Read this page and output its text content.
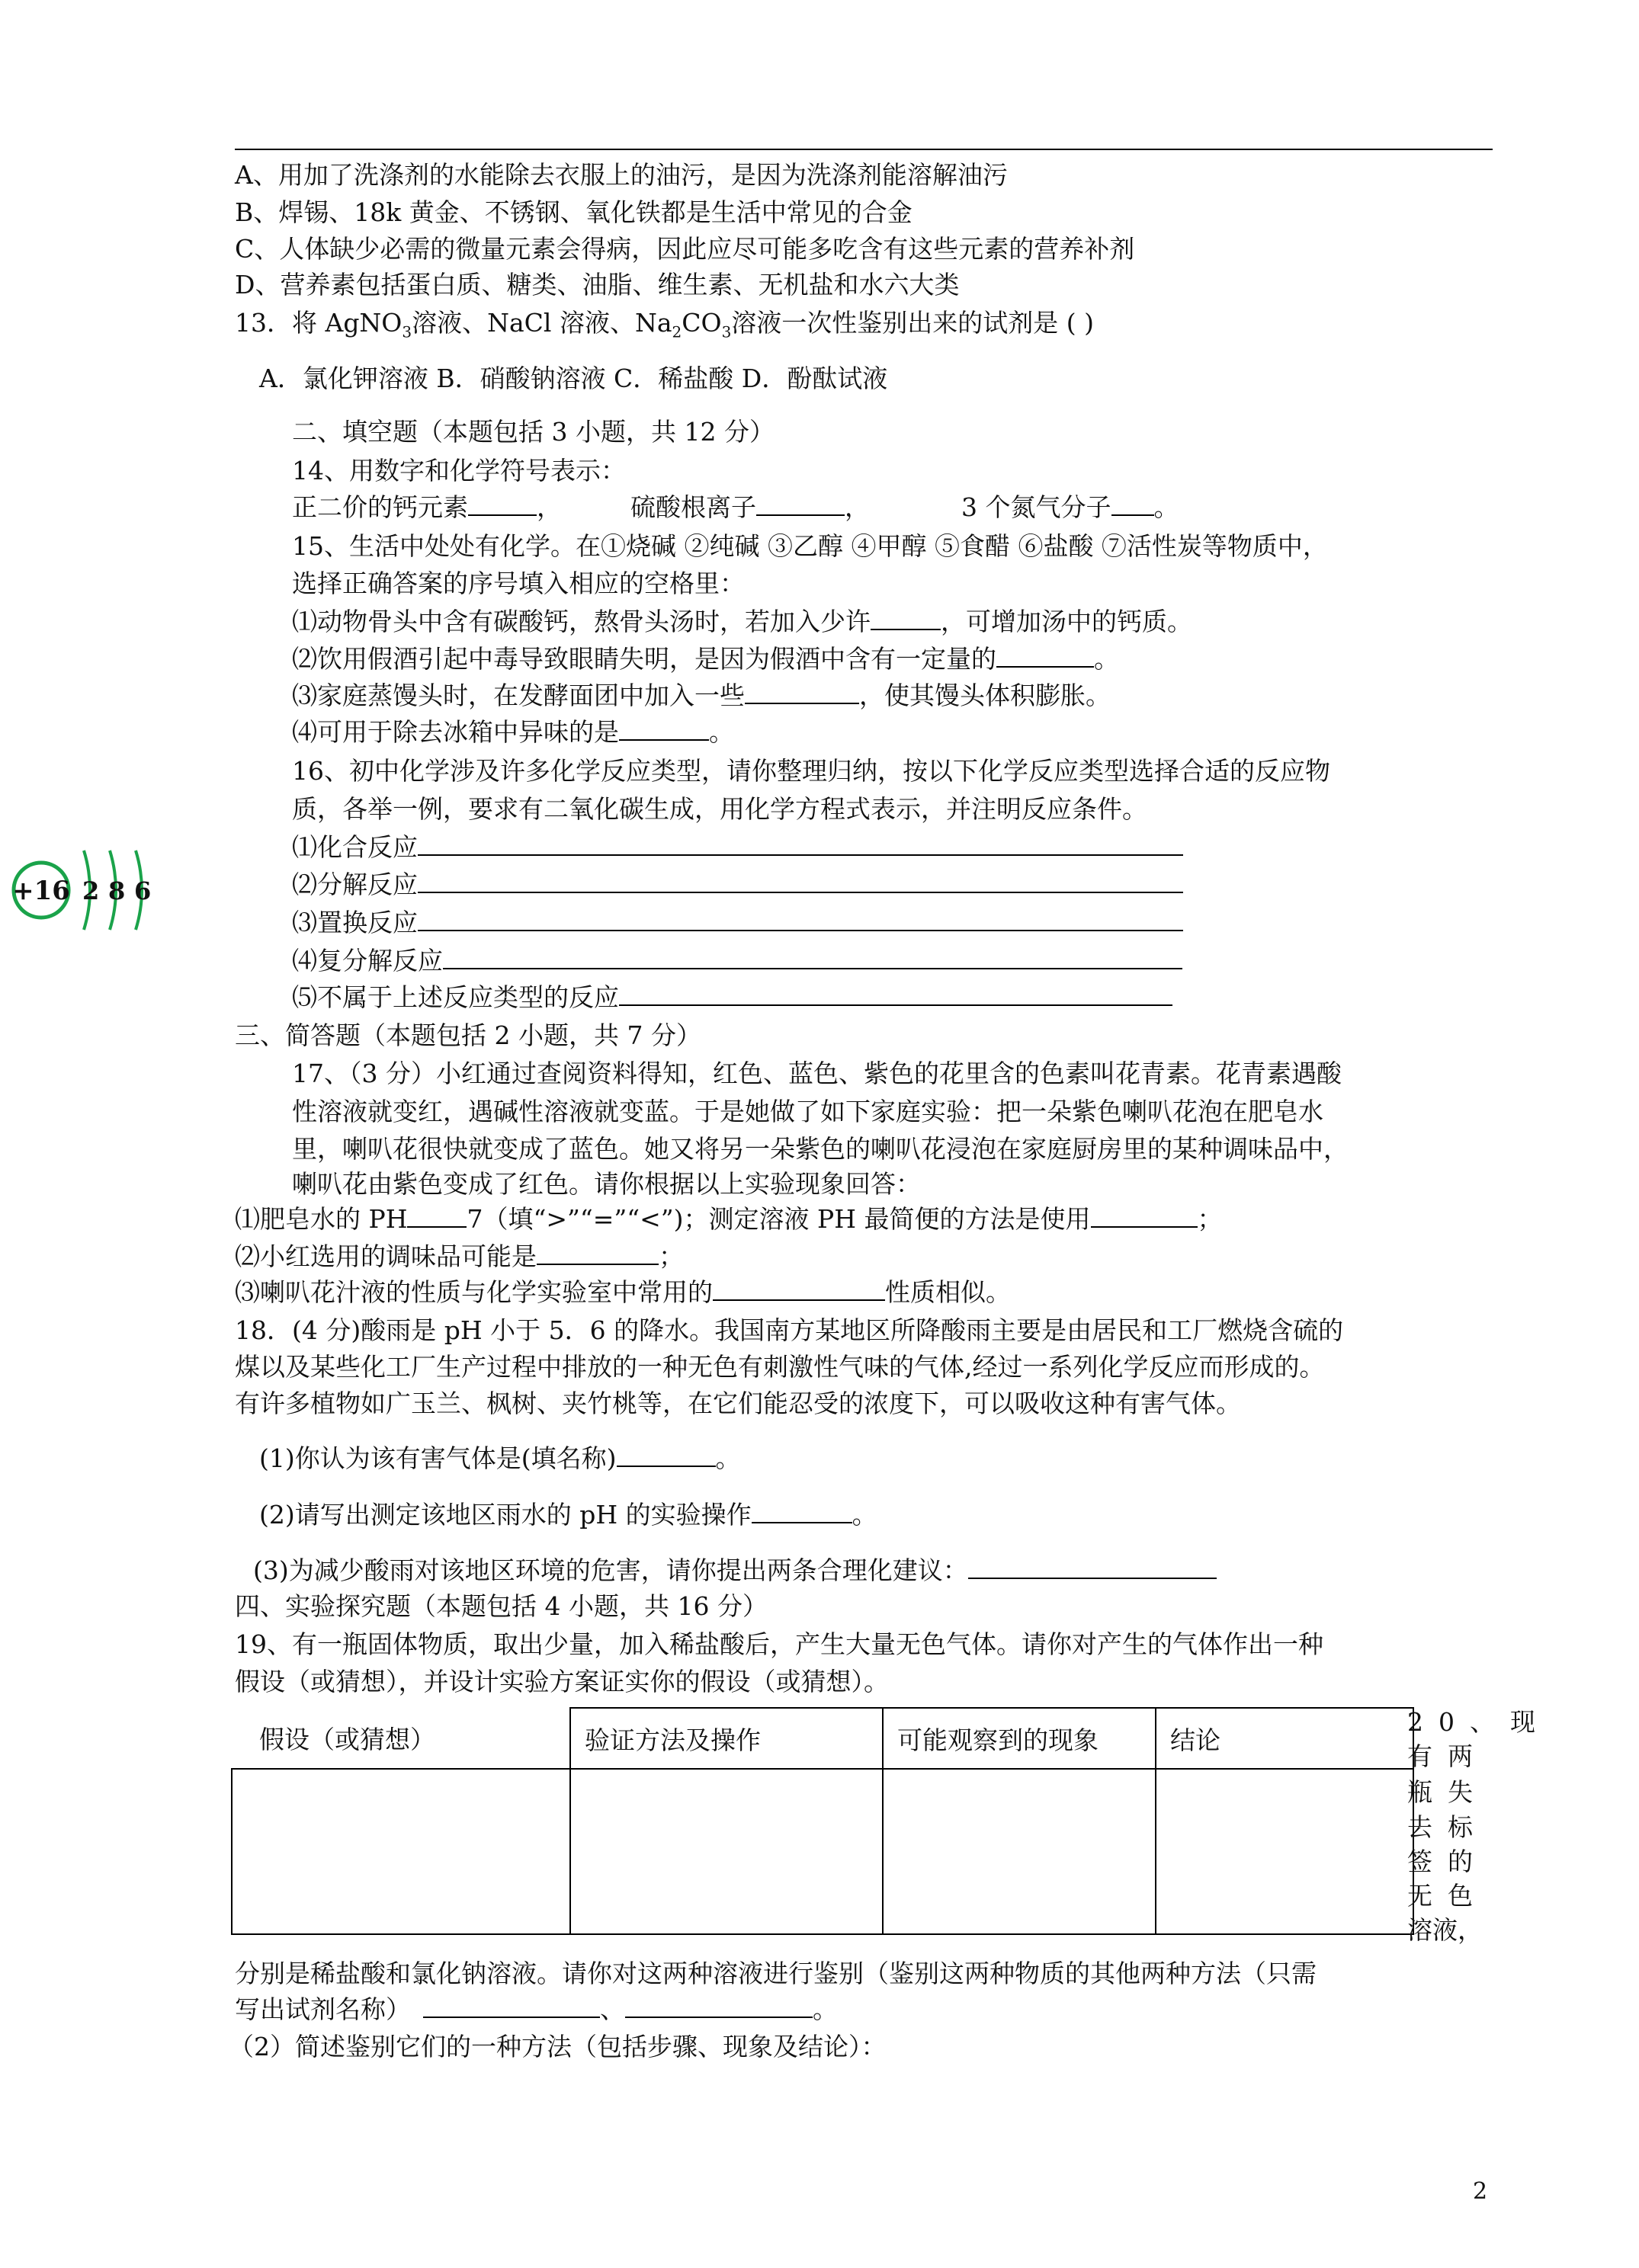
A、用加了洗涤剂的水能除去衣服上的油污，是因为洗涤剂能溶解油污
B、焊锡、18k 黄金、不锈钢、氧化铁都是生活中常见的合金
C、人体缺少必需的微量元素会得病，因此应尽可能多吃含有这些元素的营养补剂
D、营养素包括蛋白质、糖类、油脂、维生素、无机盐和水六大类
13．将 AgNO$_3$溶液、NaCl 溶液、$Na_2CO_3$溶液一次性鉴别出来的试剂是 ( )
A．氯化钾溶液 B．硝酸钠溶液 C．稀盐酸 D．酚酞试液
二、填空题（本题包括 3 小题，共 12 分）
14、用数字和化学符号表示：
正二价的钙元素	，	硫酸根离子	，	3 个氮气分子 。
15、生活中处处有化学。在①烧碱 ②纯碱 ③乙醇 ④甲醇 ⑤食醋 ⑥盐酸 ⑦活性炭等物质中，
选择正确答案的序号填入相应的空格里：
⑴动物骨头中含有碳酸钙，熬骨头汤时，若加入少许	，可增加汤中的钙质。
⑵饮用假酒引起中毒导致眼睛失明，是因为假酒中含有一定量的	。
⑶家庭蒸馒头时，在发酵面团中加入一些	，使其馒头体积膨胀。
⑷可用于除去冰箱中异味的是	。
16、初中化学涉及许多化学反应类型，请你整理归纳，按以下化学反应类型选择合适的反应物
质，各举一例，要求有二氧化碳生成，用化学方程式表示，并注明反应条件。
⑴化合反应
⑵分解反应
⑶置换反应
⑷复分解反应
⑸不属于上述反应类型的反应
+16 2 8 6
三、简答题（本题包括 2 小题，共 7 分）
17、（3 分）小红通过查阅资料得知，红色、蓝色、紫色的花里含的色素叫花青素。花青素遇酸
性溶液就变红，遇碱性溶液就变蓝。于是她做了如下家庭实验：把一朵紫色喇叭花泡在肥皂水
里，喇叭花很快就变成了蓝色。她又将另一朵紫色的喇叭花浸泡在家庭厨房里的某种调味品中，
喇叭花由紫色变成了红色。请你根据以上实验现象回答：
⑴肥皂水的 PH 7（填“>”“=”“<”)；测定溶液 PH 最简便的方法是使用	；
⑵小红选用的调味品可能是	；
⑶喇叭花汁液的性质与化学实验室中常用的	性质相似。
18．(4 分)酸雨是 pH 小于 5．6 的降水。我国南方某地区所降酸雨主要是由居民和工厂燃烧含硫的
煤以及某些化工厂生产过程中排放的一种无色有刺激性气味的气体,经过一系列化学反应而形成的。
有许多植物如广玉兰、枫树、夹竹桃等，在它们能忍受的浓度下，可以吸收这种有害气体。
(1)你认为该有害气体是(填名称)	。
(2)请写出测定该地区雨水的 pH 的实验操作	。
(3)为减少酸雨对该地区环境的危害，请你提出两条合理化建议：
四、实验探究题（本题包括 4 小题，共 16 分）
19、有一瓶固体物质，取出少量，加入稀盐酸后，产生大量无色气体。请你对产生的气体作出一种
假设（或猜想），并设计实验方案证实你的假设（或猜想）。
假设（或猜想）	验证方法及操作	可能观察到的现象	结论

20、现
有两
瓶失
去标
签的
无色
溶液，
分别是稀盐酸和氯化钠溶液。请你对这两种溶液进行鉴别（鉴别这两种物质的其他两种方法（只需
写出试剂名称）	、	。
（2）简述鉴别它们的一种方法（包括步骤、现象及结论）：
2
